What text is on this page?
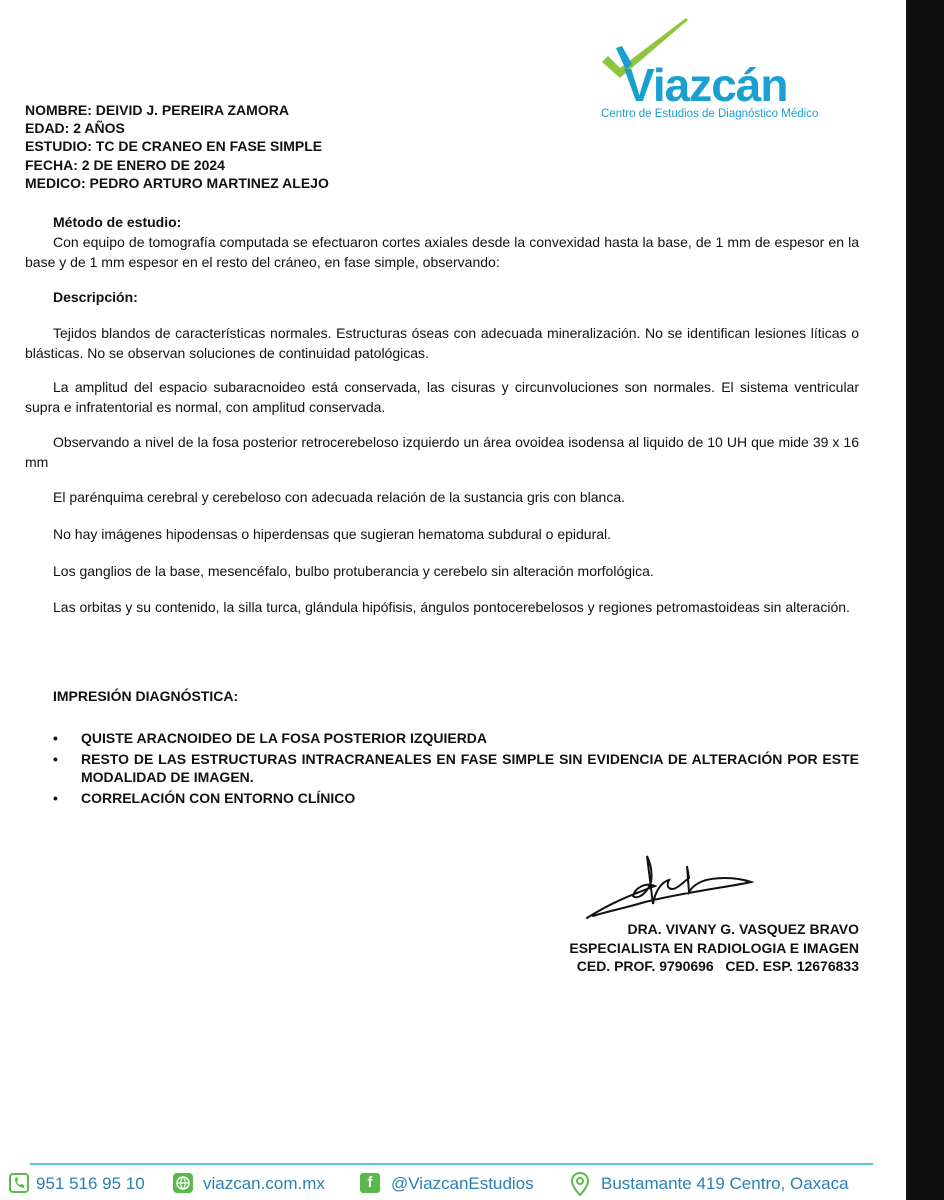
Viazcán
Centro de Estudios de Diagnóstico Médico
NOMBRE: DEIVID J. PEREIRA ZAMORA
EDAD: 2 AÑOS
ESTUDIO: TC DE CRANEO EN FASE SIMPLE
FECHA: 2 DE ENERO DE 2024
MEDICO: PEDRO ARTURO MARTINEZ ALEJO
Método de estudio:
Con equipo de tomografía computada se efectuaron cortes axiales desde la convexidad hasta la base, de 1 mm de espesor en la base y de 1 mm espesor en el resto del cráneo, en fase simple, observando:
Descripción:
Tejidos blandos de características normales. Estructuras óseas con adecuada mineralización. No se identifican lesiones líticas o blásticas. No se observan soluciones de continuidad patológicas.
La amplitud del espacio subaracnoideo está conservada, las cisuras y circunvoluciones son normales. El sistema ventricular supra e infratentorial es normal, con amplitud conservada.
Observando a nivel de la fosa posterior retrocerebeloso izquierdo un área ovoidea isodensa al liquido de 10 UH que mide 39 x 16 mm
El parénquima cerebral y cerebeloso con adecuada relación de la sustancia gris con blanca.
No hay imágenes hipodensas o hiperdensas que sugieran hematoma subdural o epidural.
Los ganglios de la base, mesencéfalo, bulbo protuberancia y cerebelo sin alteración morfológica.
Las orbitas y su contenido, la silla turca, glándula hipófisis, ángulos pontocerebelosos y regiones petromastoideas sin alteración.
IMPRESIÓN DIAGNÓSTICA:
• QUISTE ARACNOIDEO DE LA FOSA POSTERIOR IZQUIERDA
• RESTO DE LAS ESTRUCTURAS INTRACRANEALES EN FASE SIMPLE SIN EVIDENCIA DE ALTERACIÓN POR ESTE MODALIDAD DE IMAGEN.
• CORRELACIÓN CON ENTORNO CLÍNICO
DRA. VIVANY G. VASQUEZ BRAVO
ESPECIALISTA EN RADIOLOGIA E IMAGEN
CED. PROF. 9790696   CED. ESP. 12676833
951 516 95 10	viazcan.com.mx	f	@ViazcanEstudios	Bustamante 419 Centro, Oaxaca
